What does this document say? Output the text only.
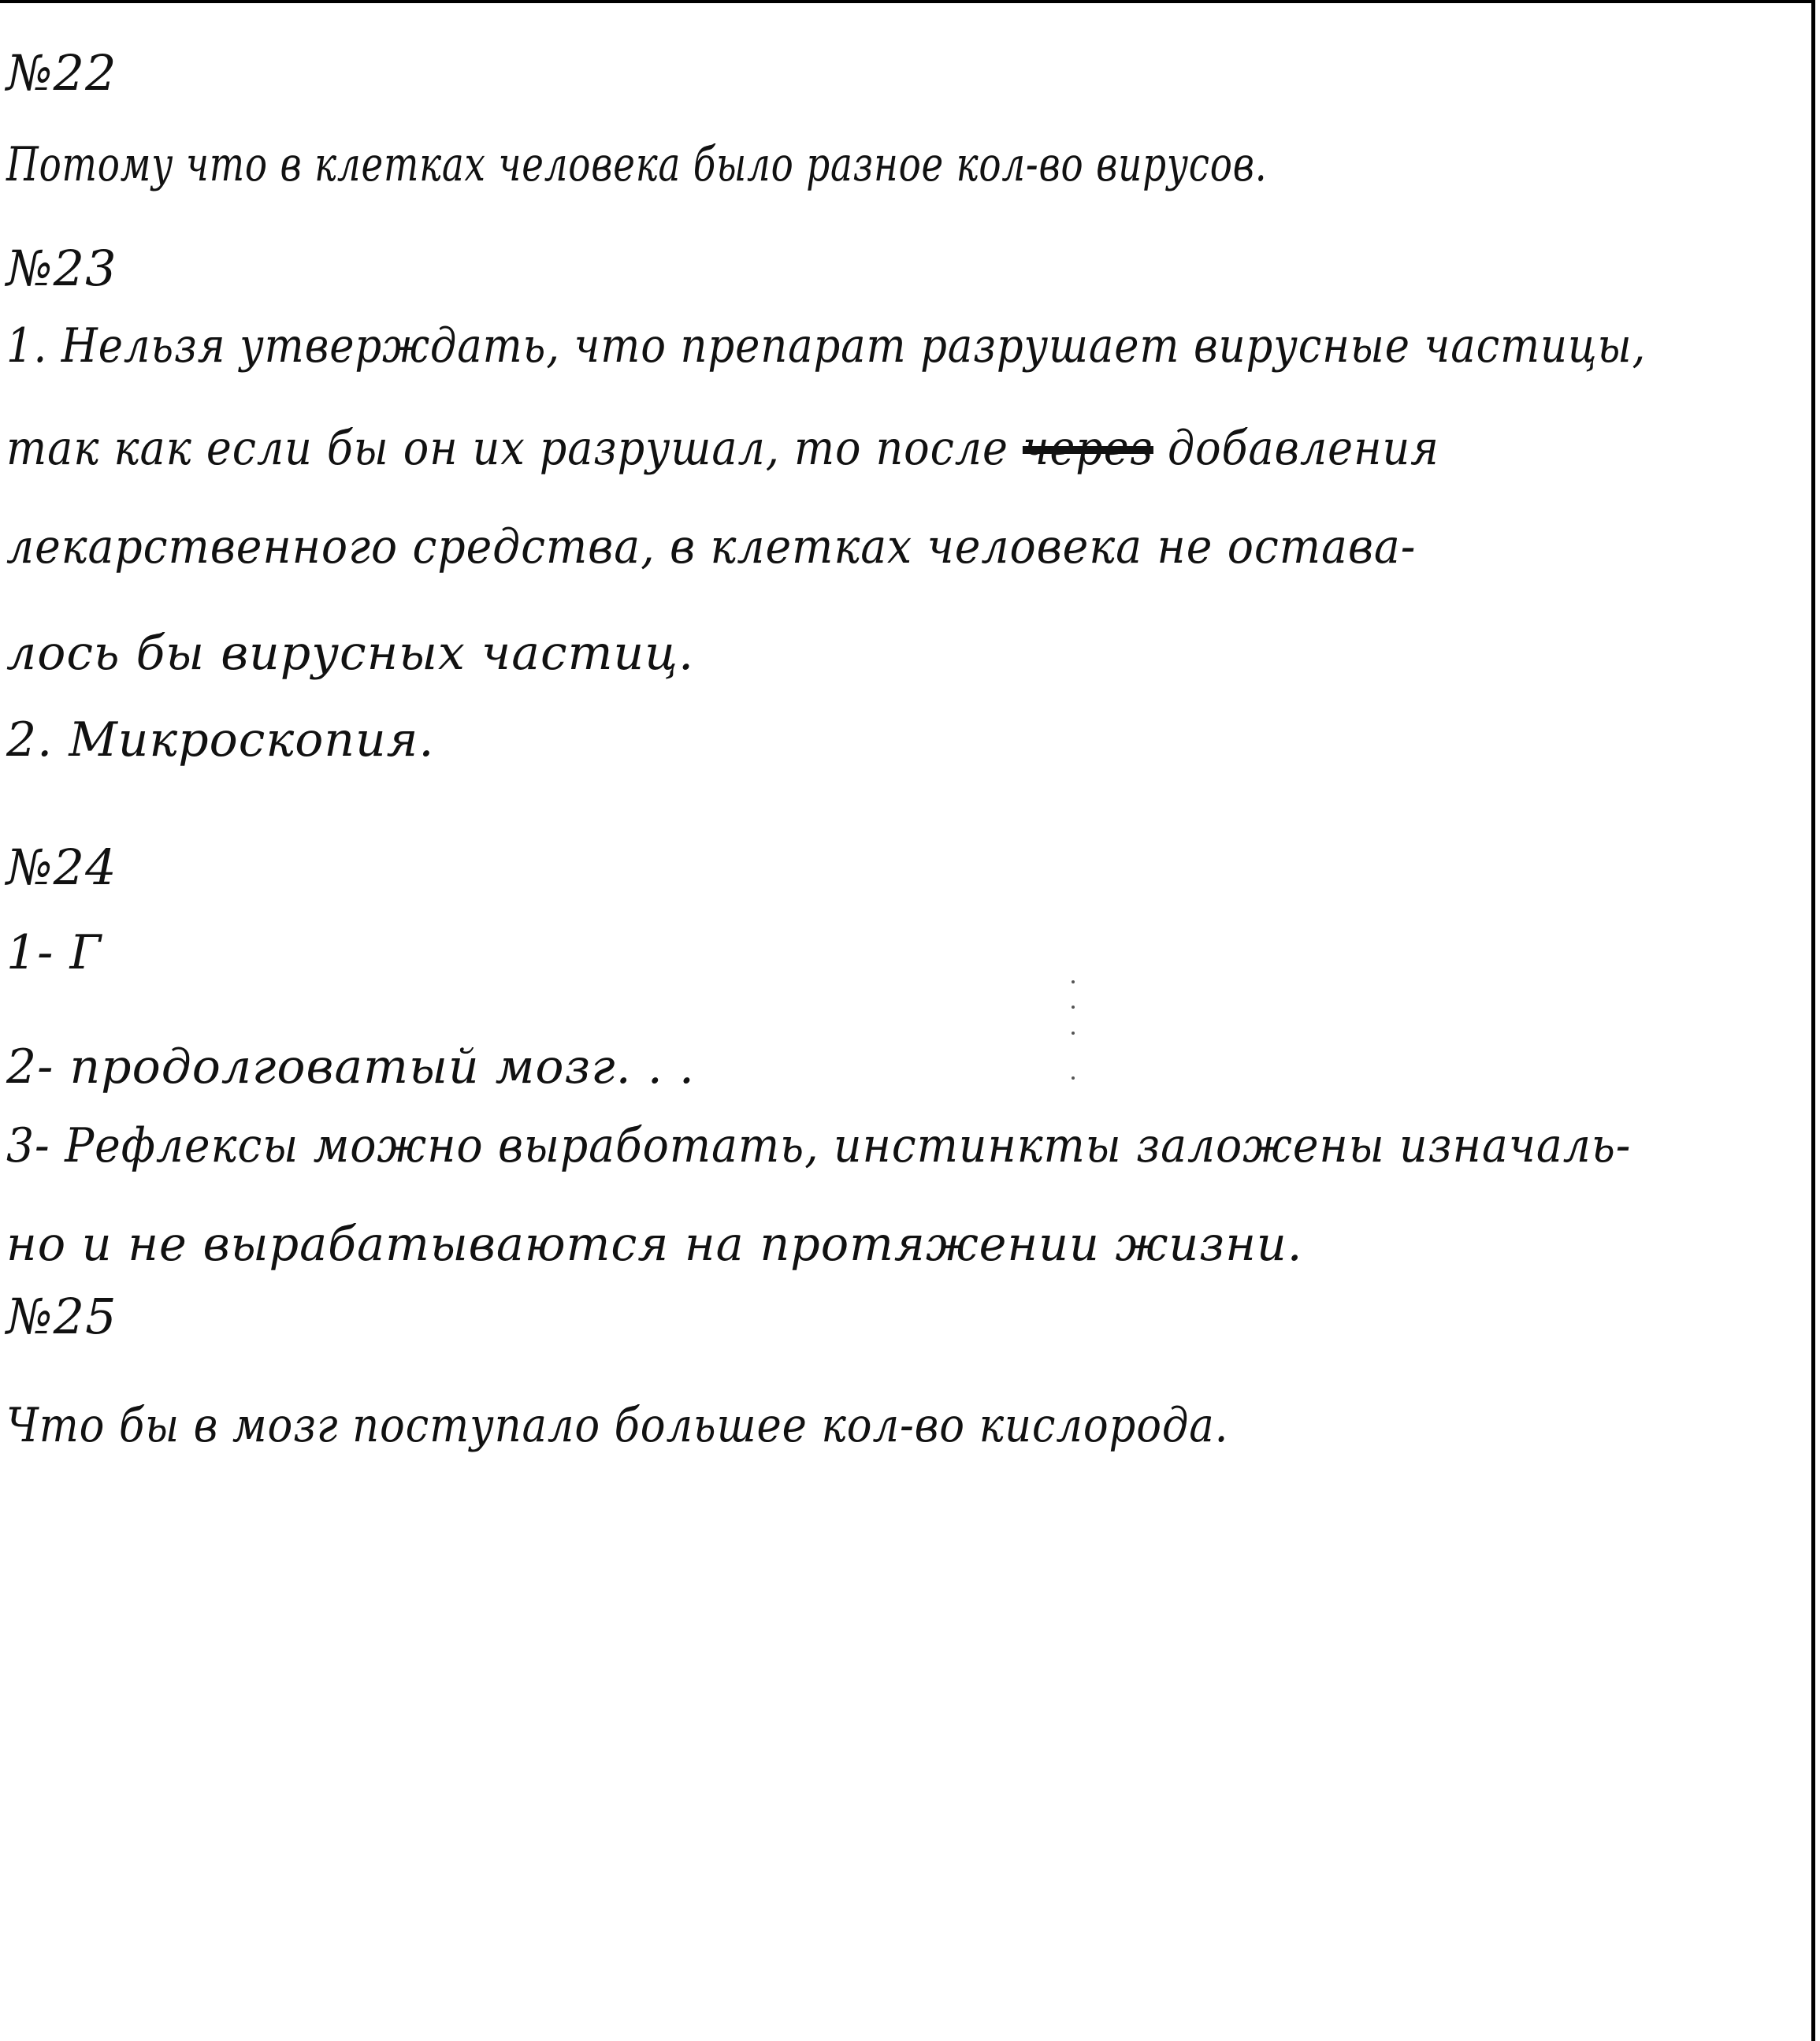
№22
Потому что в клетках человека было разное кол-во вирусов.
№23
1. Нельзя утверждать, что препарат разрушает вирусные частицы,
так как если бы он их разрушал, то после через добавления
лекарственного средства, в клетках человека не остава-
лось бы вирусных частиц.
2. Микроскопия.
№24
1- Г
2- продолговатый мозг. . .
3- Рефлексы можно выработать, инстинкты заложены изначаль-
но и не вырабатываются на протяжении жизни.
№25
Что бы в мозг поступало большее кол-во кислорода.
